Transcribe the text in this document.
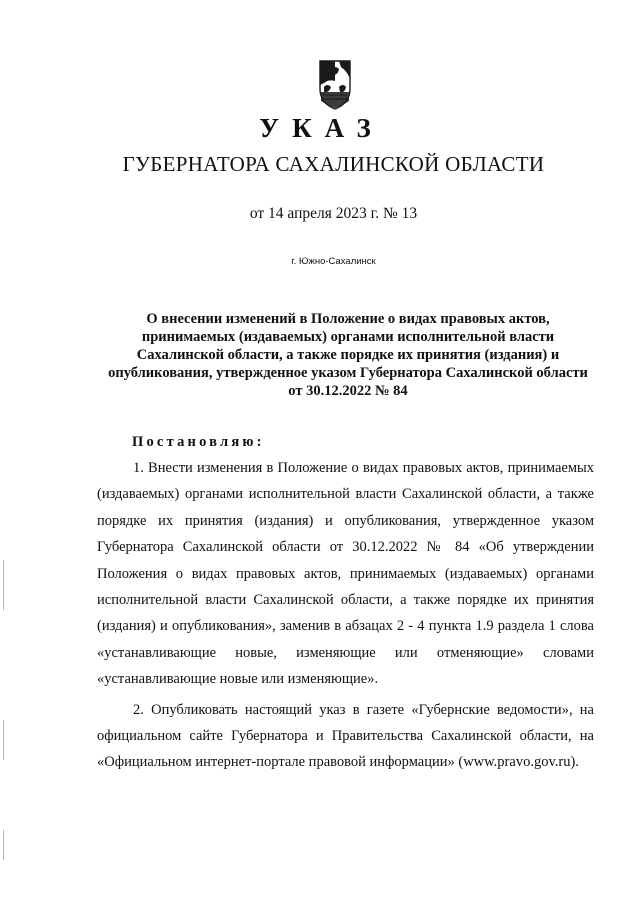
УКАЗ
ГУБЕРНАТОРА САХАЛИНСКОЙ ОБЛАСТИ
от 14 апреля 2023 г. № 13
г. Южно-Сахалинск
О внесении изменений в Положение о видах правовых актов,
принимаемых (издаваемых) органами исполнительной власти
Сахалинской области, а также порядке их принятия (издания) и
опубликования, утвержденное указом Губернатора Сахалинской области
от 30.12.2022 № 84
Постановляю:

1. Внести изменения в Положение о видах правовых актов, принимаемых (издаваемых) органами исполнительной власти Сахалинской области, а также порядке их принятия (издания) и опубликования, утвержденное указом Губернатора Сахалинской области от 30.12.2022 № 84 «Об утверждении Положения о видах правовых актов, принимаемых (издаваемых) органами исполнительной власти Сахалинской области, а также порядке их принятия (издания) и опубликования», заменив в абзацах 2 - 4 пункта 1.9 раздела 1 слова «устанавливающие новые, изменяющие или отменяющие» словами «устанавливающие новые или изменяющие».

2. Опубликовать настоящий указ в газете «Губернские ведомости», на официальном сайте Губернатора и Правительства Сахалинской области, на «Официальном интернет-портале правовой информации» (www.pravo.gov.ru).
